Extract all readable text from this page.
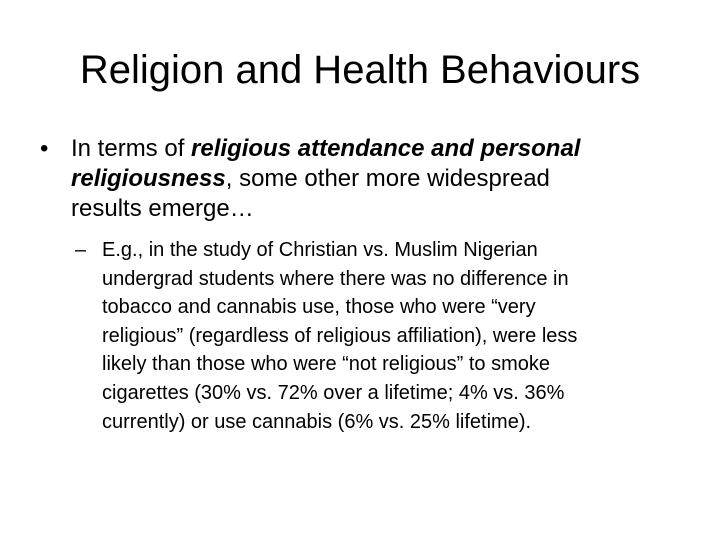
Religion and Health Behaviours
• In terms of religious attendance and personal
religiousness, some other more widespread
results emerge…
– E.g., in the study of Christian vs. Muslim Nigerian
undergrad students where there was no difference in
tobacco and cannabis use, those who were “very
religious” (regardless of religious affiliation), were less
likely than those who were “not religious” to smoke
cigarettes (30% vs. 72% over a lifetime; 4% vs. 36%
currently) or use cannabis (6% vs. 25% lifetime).
